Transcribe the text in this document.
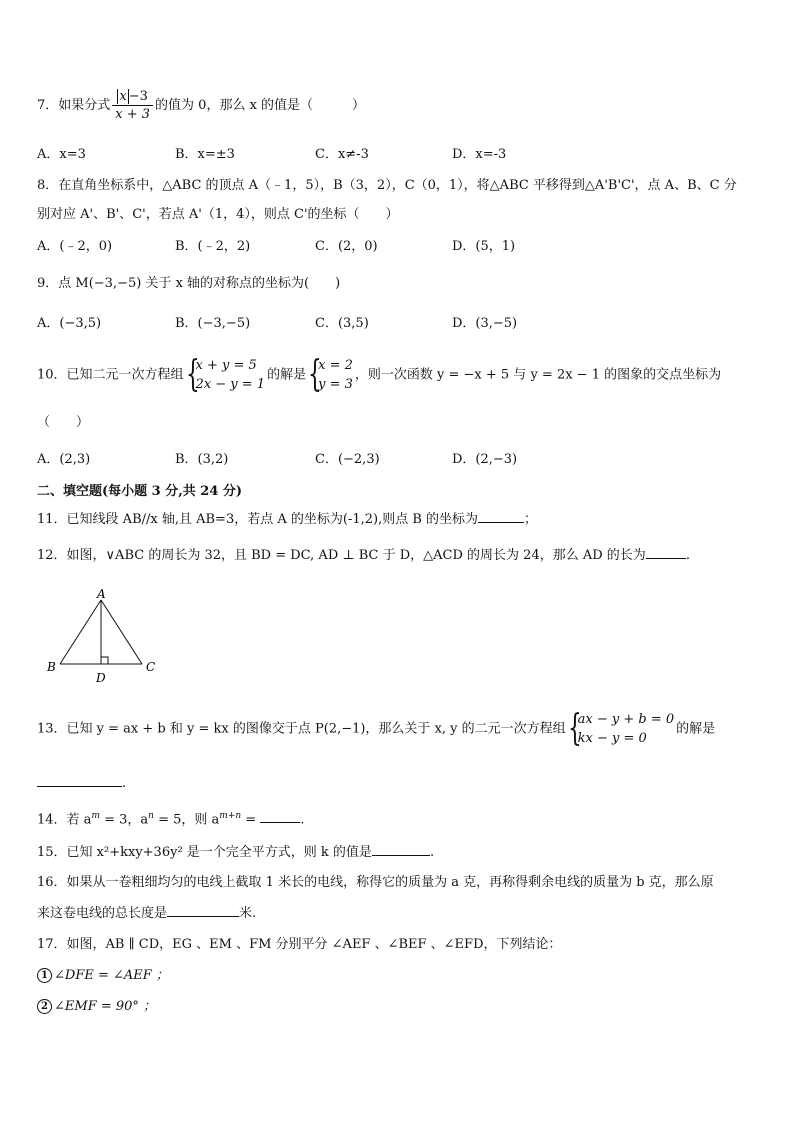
7．如果分式 $\frac{x -3}{x + 3}$ 的值为 0，那么 x 的值是（　　　）
A．x=3	B．x=±3	C．x≠-3	D．x=-3
8．在直角坐标系中，△ABC 的顶点 A（﹣1，5），B（3，2），C（0，1），将△ABC 平移得到△A'B'C'，点 A、B、C 分
别对应 A'、B'、C'，若点 A'（1，4），则点 C'的坐标（　　）
A．(﹣2，0)	B．(﹣2，2)	C．(2，0)	D．(5，1)
9．点 M(−3,−5) 关于 x 轴的对称点的坐标为(　　)
A．(−3,5)	B．(−3,−5)	C．(3,5)	D．(3,−5)
10．已知二元一次方程组 {
x + y = 5
2x − y = 1
的解是 {
x = 2
y = 3
，则一次函数 y = −x + 5 与 y = 2x − 1 的图象的交点坐标为
（　　）
A．(2,3)	B．(3,2)	C．(−2,3)	D．(2,−3)
二、填空题(每小题 3 分,共 24 分)
11．已知线段 AB//x 轴,且 AB=3，若点 A 的坐标为(-1,2),则点 B 的坐标为	；
12．如图，∨ABC 的周长为 32，且 BD = DC, AD ⊥ BC 于 D，△ACD 的周长为 24，那么 AD 的长为	.
A
B	C
D
13．已知 y = ax + b 和 y = kx 的图像交于点 P(2,−1)，那么关于 x, y 的二元一次方程组 {
ax − y + b = 0
kx − y = 0
的解是
.
14．若 $a^m = 3$，$a^n = 5$，则 $a^{m+n}$ =	.
15．已知 x²+kxy+36y² 是一个完全平方式，则 k 的值是	.
16．如果从一卷粗细均匀的电线上截取 1 米长的电线，称得它的质量为 a 克，再称得剩余电线的质量为 b 克，那么原
来这卷电线的总长度是	米.
17．如图，AB ∥ CD，EG 、EM 、FM 分别平分 ∠AEF 、∠BEF 、∠EFD，下列结论：
1 ∠DFE = ∠AEF ；
2 ∠EMF = 90° ；
